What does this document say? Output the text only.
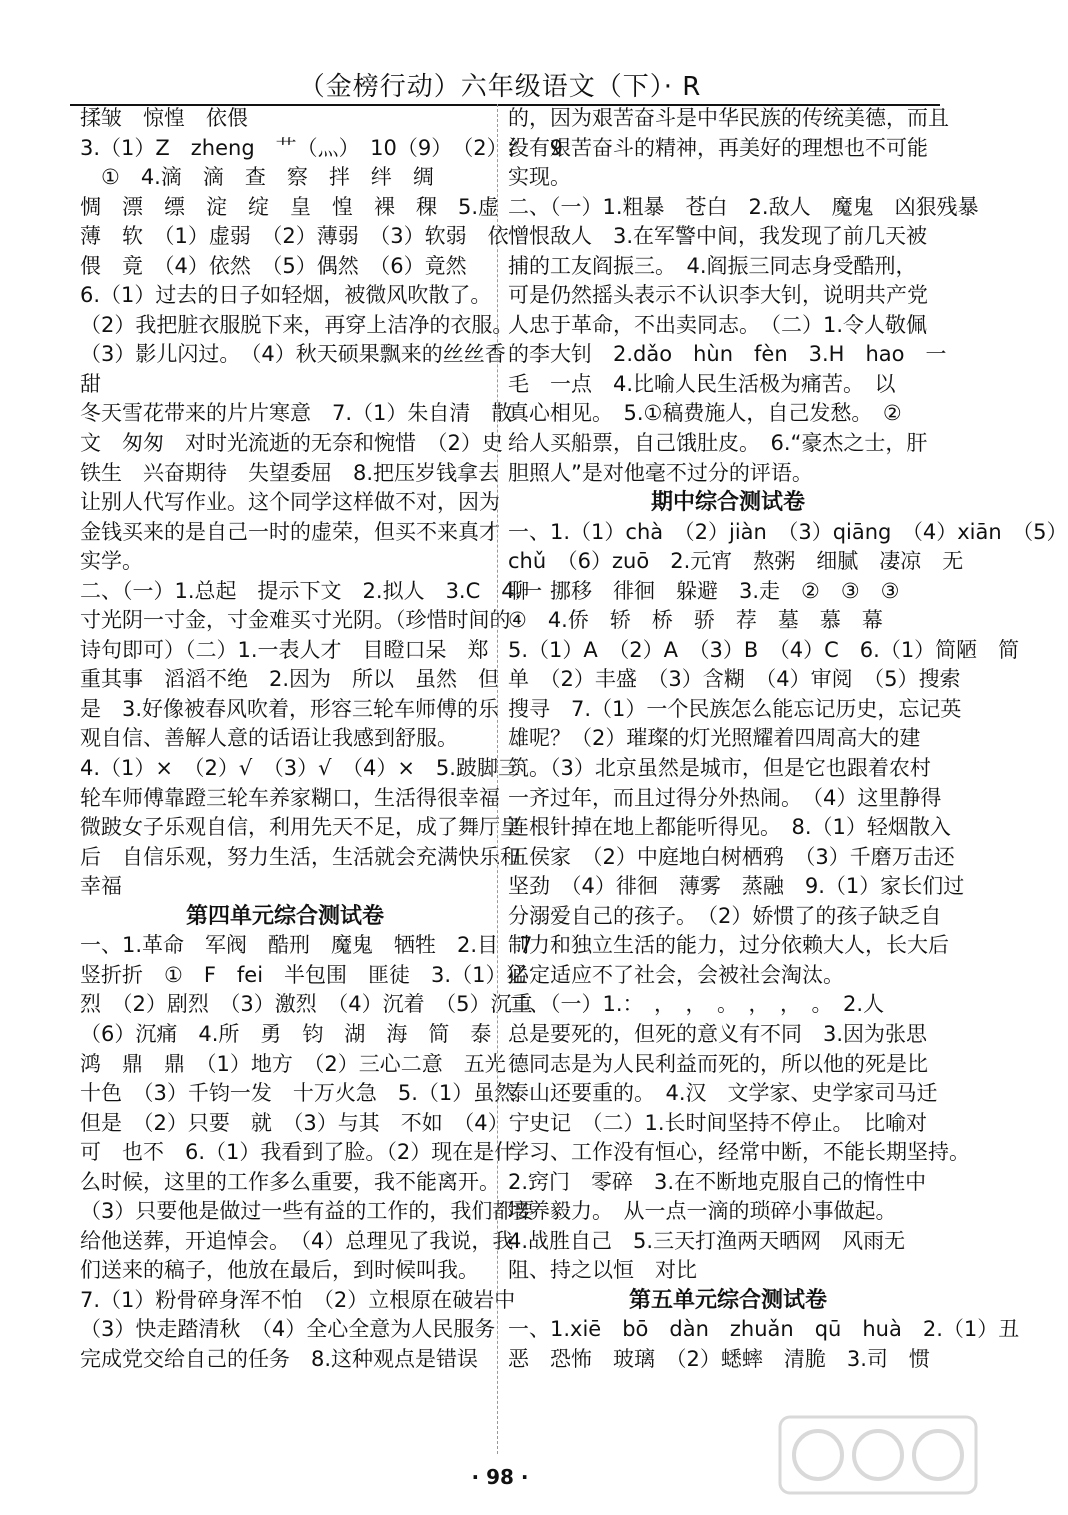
（金榜行动）六年级语文（下）· R

揉皱　惊惶　依偎

3.（1）Z　zheng　艹（灬）　10（9）　（2）纟　9

　①　4.滴　滴　查　察　拌　绊　绸

惆　漂　缥　淀　绽　皇　惶　裸　稞　5.虚

薄　软　（1）虚弱　（2）薄弱　（3）软弱　依

偎　竟　（4）依然　（5）偶然　（6）竟然

6.（1）过去的日子如轻烟，被微风吹散了。

（2）我把脏衣服脱下来，再穿上洁净的衣服。

（3）影儿闪过。　（4）秋天硕果飘来的丝丝香

甜

冬天雪花带来的片片寒意　7.（1）朱自清　散

文　匆匆　对时光流逝的无奈和惋惜　（2）史

铁生　兴奋期待　失望委屈　8.把压岁钱拿去

让别人代写作业。这个同学这样做不对，因为

金钱买来的是自己一时的虚荣，但买不来真才

实学。

二、（一）1.总起　提示下文　2.拟人　3.C　4.一

寸光阴一寸金，寸金难买寸光阴。（珍惜时间的

诗句即可）（二）1.一表人才　目瞪口呆　郑

重其事　滔滔不绝　2.因为　所以　虽然　但

是　3.好像被春风吹着，形容三轮车师傅的乐

观自信、善解人意的话语让我感到舒服。

4.（1）×　（2）√　（3）√　（4）×　5.跛脚三

轮车师傅靠蹬三轮车养家糊口，生活得很幸福

微跛女子乐观自信，利用先天不足，成了舞厅皇

后　自信乐观，努力生活，生活就会充满快乐和

幸福

第四单元综合测试卷

一、1.革命　军阀　酷刑　魔鬼　牺牲　2.目　7

竖折折　①　F　fei　半包围　匪徒　3.（1）猛

烈　（2）剧烈　（3）激烈　（4）沉着　（5）沉重

（6）沉痛　4.所　勇　钧　湖　海　简　泰

鸿　鼎　鼎　（1）地方　（2）三心二意　五光

十色　（3）千钧一发　十万火急　5.（1）虽然

但是　（2）只要　就　（3）与其　不如　（4）宁

可　也不　6.（1）我看到了脸。（2）现在是什

么时候，这里的工作多么重要，我不能离开。

（3）只要他是做过一些有益的工作的，我们都要

给他送葬，开追悼会。　（4）总理见了我说，我

们送来的稿子，他放在最后，到时候叫我。

7.（1）粉骨碎身浑不怕　（2）立根原在破岩中

（3）快走踏清秋　（4）全心全意为人民服务

完成党交给自己的任务　8.这种观点是错误

的，因为艰苦奋斗是中华民族的传统美德，而且

没有艰苦奋斗的精神，再美好的理想也不可能

实现。

二、（一）1.粗暴　苍白　2.敌人　魔鬼　凶狠残暴

憎恨敌人　3.在军警中间，我发现了前几天被

捕的工友阎振三。　4.阎振三同志身受酷刑，

可是仍然摇头表示不认识李大钊，说明共产党

人忠于革命，不出卖同志。　（二）1.令人敬佩

的李大钊　2.dǎo　hùn　fèn　3.H　hao　一

毛　一点　4.比喻人民生活极为痛苦。　以

真心相见。　5.①稿费施人，自己发愁。　②

给人买船票，自己饿肚皮。　6.“豪杰之士，肝

胆照人”是对他毫不过分的评语。

期中综合测试卷

一、1.（1）chà　（2）jiàn　（3）qiāng　（4）xiān　（5）

chǔ　（6）zuō　2.元宵　熬粥　细腻　凄凉　无

聊　挪移　徘徊　躲避　3.走　②　③　③

④　4.侨　轿　桥　骄　荐　墓　慕　幕

5.（1）A　（2）A　（3）B　（4）C　6.（1）简陋　简

单　（2）丰盛　（3）含糊　（4）审阅　（5）搜索

搜寻　7.（1）一个民族怎么能忘记历史，忘记英

雄呢？（2）璀璨的灯光照耀着四周高大的建

筑。（3）北京虽然是城市，但是它也跟着农村

一齐过年，而且过得分外热闹。　（4）这里静得

连根针掉在地上都能听得见。　8.（1）轻烟散入

五侯家　（2）中庭地白树栖鸦　（3）千磨万击还

坚劲　（4）徘徊　薄雾　蒸融　9.（1）家长们过

分溺爱自己的孩子。　（2）娇惯了的孩子缺乏自

制力和独立生活的能力，过分依赖大人，长大后

必定适应不了社会，会被社会淘汰。

二、（一）1.：　，　，　。　，　，　。　2.人

总是要死的，但死的意义有不同　3.因为张思

德同志是为人民利益而死的，所以他的死是比

泰山还要重的。　4.汉　文学家、史学家司马迁

　史记　（二）1.长时间坚持不停止。　比喻对

学习、工作没有恒心，经常中断，不能长期坚持。

2.窍门　零碎　3.在不断地克服自己的惰性中

培养毅力。　从一点一滴的琐碎小事做起。

4.战胜自己　5.三天打渔两天晒网　风雨无

阻、持之以恒　对比

第五单元综合测试卷

一、1.xiē　bō　dàn　zhuǎn　qū　huà　2.（1）丑

恶　恐怖　玻璃　（2）蟋蟀　清脆　3.司　惯

· 98 ·
